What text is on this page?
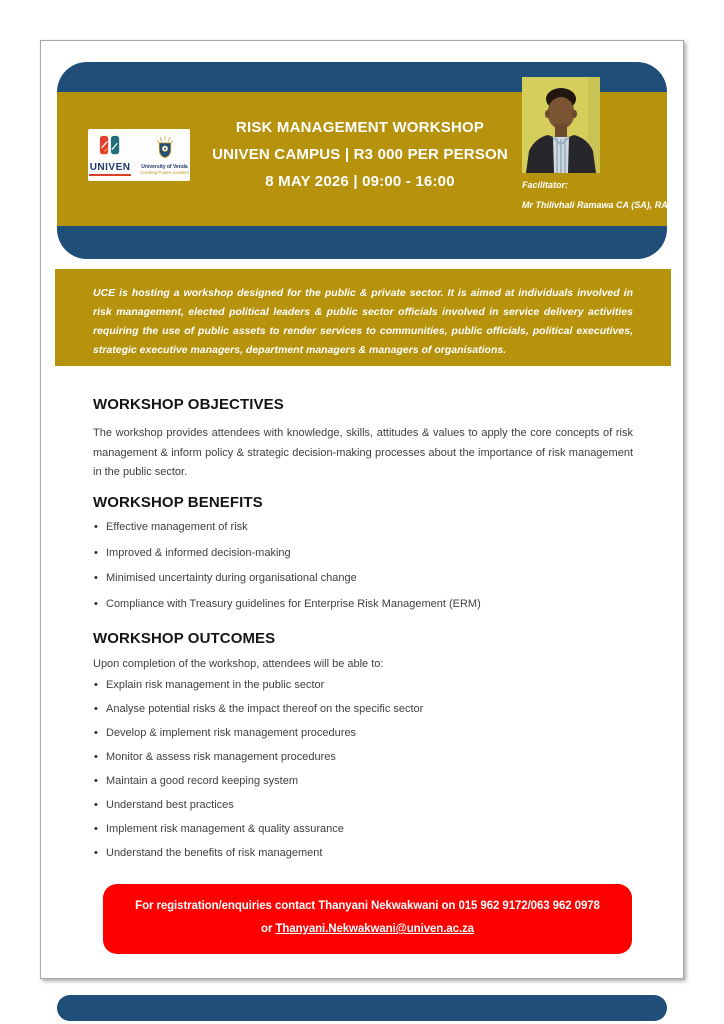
UNIVEN University of Venda
Creating Future Leaders
RISK MANAGEMENT WORKSHOP
UNIVEN CAMPUS | R3 000 PER PERSON
8 MAY 2026 | 09:00 - 16:00	Facilitator:
Mr Thilivhali Ramawa CA (SA), RA

UCE is hosting a workshop designed for the public & private sector. It is aimed at individuals involved in risk management, elected political leaders & public sector officials involved in service delivery activities requiring the use of public assets to render services to communities, public officials, political executives, strategic executive managers, department managers & managers of organisations.

WORKSHOP OBJECTIVES
The workshop provides attendees with knowledge, skills, attitudes & values to apply the core concepts of risk management & inform policy & strategic decision-making processes about the importance of risk management in the public sector.
WORKSHOP BENEFITS
• Effective management of risk
• Improved & informed decision-making
• Minimised uncertainty during organisational change
• Compliance with Treasury guidelines for Enterprise Risk Management (ERM)
WORKSHOP OUTCOMES
Upon completion of the workshop, attendees will be able to:
• Explain risk management in the public sector
• Analyse potential risks & the impact thereof on the specific sector
• Develop & implement risk management procedures
• Monitor & assess risk management procedures
• Maintain a good record keeping system
• Understand best practices
• Implement risk management & quality assurance
• Understand the benefits of risk management
For registration/enquiries contact Thanyani Nekwakwani on 015 962 9172/063 962 0978
or Thanyani.Nekwakwani@univen.ac.za
